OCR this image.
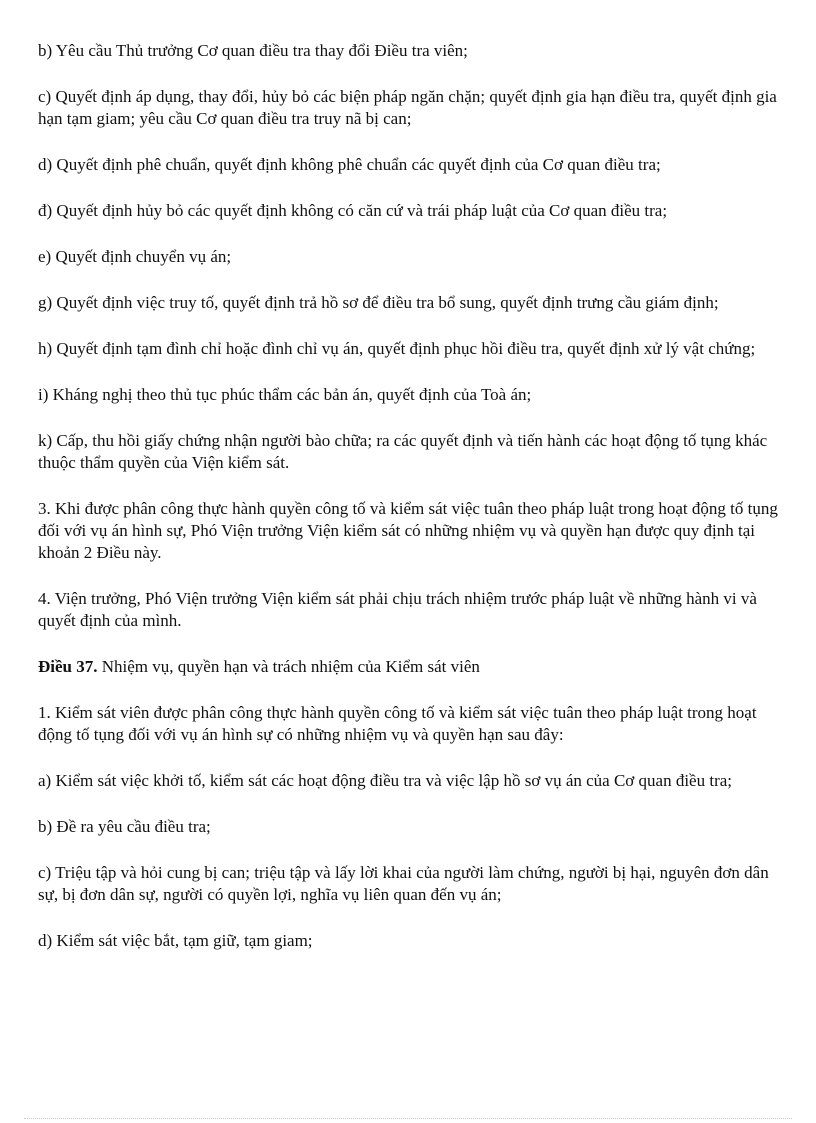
b) Yêu cầu Thủ trưởng Cơ quan điều tra thay đổi Điều tra viên;

c) Quyết định áp dụng, thay đổi, hủy bỏ các biện pháp ngăn chặn; quyết định gia hạn điều tra, quyết định gia hạn tạm giam; yêu cầu Cơ quan điều tra truy nã bị can;

d) Quyết định phê chuẩn, quyết định không phê chuẩn các quyết định của Cơ quan điều tra;

đ) Quyết định hủy bỏ các quyết định không có căn cứ và trái pháp luật của Cơ quan điều tra;

e) Quyết định chuyển vụ án;

g) Quyết định việc truy tố, quyết định trả hồ sơ để điều tra bổ sung, quyết định trưng cầu giám định;

h) Quyết định tạm đình chỉ hoặc đình chỉ vụ án, quyết định phục hồi điều tra, quyết định xử lý vật chứng;

i) Kháng nghị theo thủ tục phúc thẩm các bản án, quyết định của Toà án;

k) Cấp, thu hồi giấy chứng nhận người bào chữa; ra các quyết định và tiến hành các hoạt động tố tụng khác thuộc thẩm quyền của Viện kiểm sát.

3. Khi được phân công thực hành quyền công tố và kiểm sát việc tuân theo pháp luật trong hoạt động tố tụng đối với vụ án hình sự, Phó Viện trưởng Viện kiểm sát có những nhiệm vụ và quyền hạn được quy định tại khoản 2 Điều này.

4. Viện trưởng, Phó Viện trưởng Viện kiểm sát phải chịu trách nhiệm trước pháp luật về những hành vi và quyết định của mình.

Điều 37. Nhiệm vụ, quyền hạn và trách nhiệm của Kiểm sát viên

1. Kiểm sát viên được phân công thực hành quyền công tố và kiểm sát việc tuân theo pháp luật trong hoạt động tố tụng đối với vụ án hình sự có những nhiệm vụ và quyền hạn sau đây:

a) Kiểm sát việc khởi tố, kiểm sát các hoạt động điều tra và việc lập hồ sơ vụ án của Cơ quan điều tra;

b) Đề ra yêu cầu điều tra;

c) Triệu tập và hỏi cung bị can; triệu tập và lấy lời khai của người làm chứng, người bị hại, nguyên đơn dân sự, bị đơn dân sự, người có quyền lợi, nghĩa vụ liên quan đến vụ án;

d) Kiểm sát việc bắt, tạm giữ, tạm giam;
